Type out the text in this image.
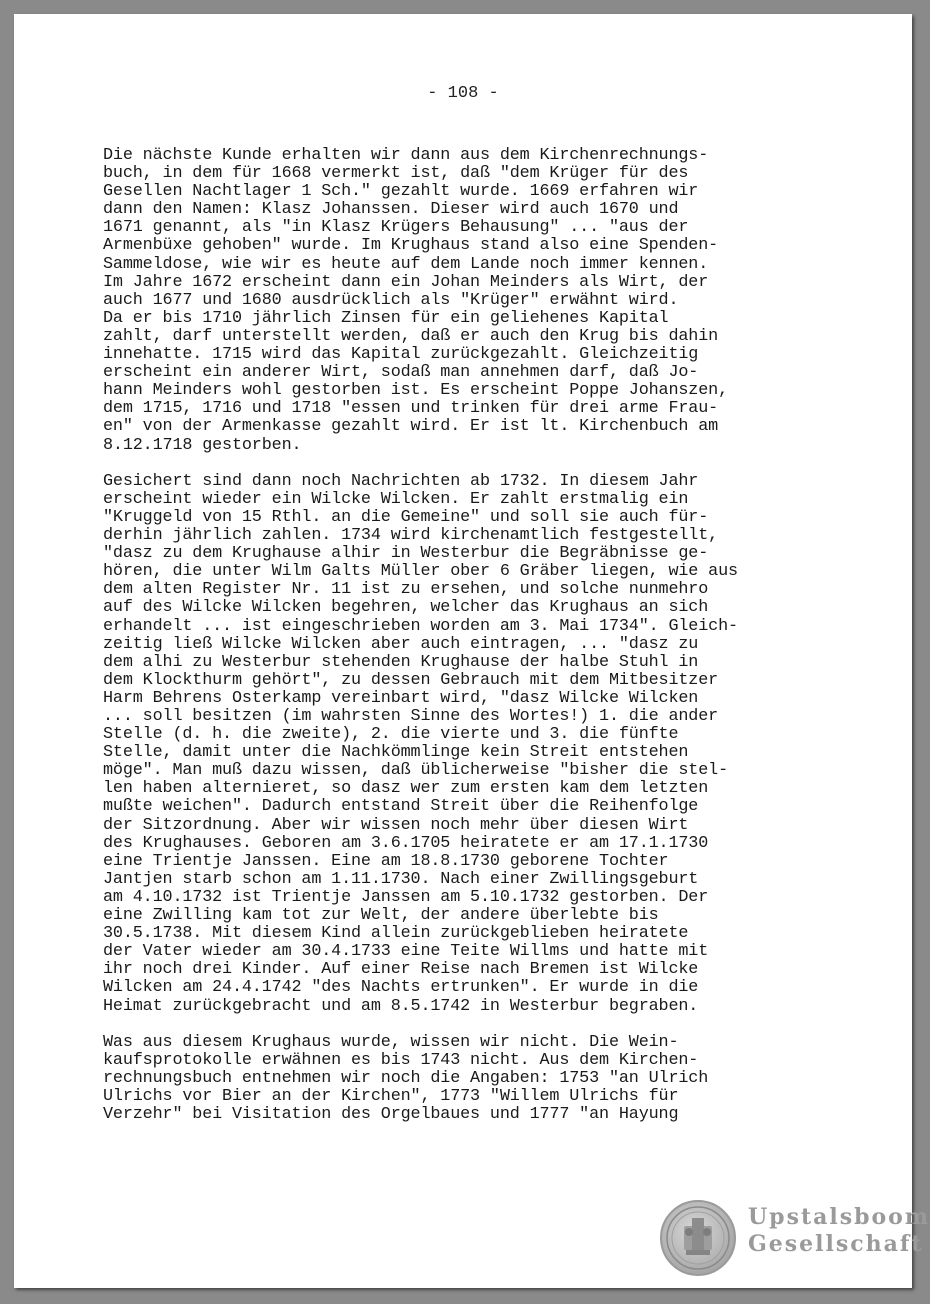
- 108 -
Die nächste Kunde erhalten wir dann aus dem Kirchenrechnungs-
buch, in dem für 1668 vermerkt ist, daß "dem Krüger für des
Gesellen Nachtlager 1 Sch." gezahlt wurde. 1669 erfahren wir
dann den Namen: Klasz Johanssen. Dieser wird auch 1670 und
1671 genannt, als "in Klasz Krügers Behausung" ... "aus der
Armenbüxe gehoben" wurde. Im Krughaus stand also eine Spenden-
Sammeldose, wie wir es heute auf dem Lande noch immer kennen.
Im Jahre 1672 erscheint dann ein Johan Meinders als Wirt, der
auch 1677 und 1680 ausdrücklich als "Krüger" erwähnt wird.
Da er bis 1710 jährlich Zinsen für ein geliehenes Kapital
zahlt, darf unterstellt werden, daß er auch den Krug bis dahin
innehatte. 1715 wird das Kapital zurückgezahlt. Gleichzeitig
erscheint ein anderer Wirt, sodaß man annehmen darf, daß Jo-
hann Meinders wohl gestorben ist. Es erscheint Poppe Johanszen,
dem 1715, 1716 und 1718 "essen und trinken für drei arme Frau-
en" von der Armenkasse gezahlt wird. Er ist lt. Kirchenbuch am
8.12.1718 gestorben.
Gesichert sind dann noch Nachrichten ab 1732. In diesem Jahr
erscheint wieder ein Wilcke Wilcken. Er zahlt erstmalig ein
"Kruggeld von 15 Rthl. an die Gemeine" und soll sie auch für-
derhin jährlich zahlen. 1734 wird kirchenamtlich festgestellt,
"dasz zu dem Krughause alhir in Westerbur die Begräbnisse ge-
hören, die unter Wilm Galts Müller ober 6 Gräber liegen, wie aus
dem alten Register Nr. 11 ist zu ersehen, und solche nunmehro
auf des Wilcke Wilcken begehren, welcher das Krughaus an sich
erhandelt ... ist eingeschrieben worden am 3. Mai 1734". Gleich-
zeitig ließ Wilcke Wilcken aber auch eintragen, ... "dasz zu
dem alhi zu Westerbur stehenden Krughause der halbe Stuhl in
dem Klockthurm gehört", zu dessen Gebrauch mit dem Mitbesitzer
Harm Behrens Osterkamp vereinbart wird, "dasz Wilcke Wilcken
... soll besitzen (im wahrsten Sinne des Wortes!) 1. die ander
Stelle (d. h. die zweite), 2. die vierte und 3. die fünfte
Stelle, damit unter die Nachkömmlinge kein Streit entstehen
möge". Man muß dazu wissen, daß üblicherweise "bisher die stel-
len haben alternieret, so dasz wer zum ersten kam dem letzten
mußte weichen". Dadurch entstand Streit über die Reihenfolge
der Sitzordnung. Aber wir wissen noch mehr über diesen Wirt
des Krughauses. Geboren am 3.6.1705 heiratete er am 17.1.1730
eine Trientje Janssen. Eine am 18.8.1730 geborene Tochter
Jantjen starb schon am 1.11.1730. Nach einer Zwillingsgeburt
am 4.10.1732 ist Trientje Janssen am 5.10.1732 gestorben. Der
eine Zwilling kam tot zur Welt, der andere überlebte bis
30.5.1738. Mit diesem Kind allein zurückgeblieben heiratete
der Vater wieder am 30.4.1733 eine Teite Willms und hatte mit
ihr noch drei Kinder. Auf einer Reise nach Bremen ist Wilcke
Wilcken am 24.4.1742 "des Nachts ertrunken". Er wurde in die
Heimat zurückgebracht und am 8.5.1742 in Westerbur begraben.
Was aus diesem Krughaus wurde, wissen wir nicht. Die Wein-
kaufsprotokolle erwähnen es bis 1743 nicht. Aus dem Kirchen-
rechnungsbuch entnehmen wir noch die Angaben: 1753 "an Ulrich
Ulrichs vor Bier an der Kirchen", 1773 "Willem Ulrichs für
Verzehr" bei Visitation des Orgelbaues und 1777 "an Hayung
Upstalsboom
Gesellschaft
